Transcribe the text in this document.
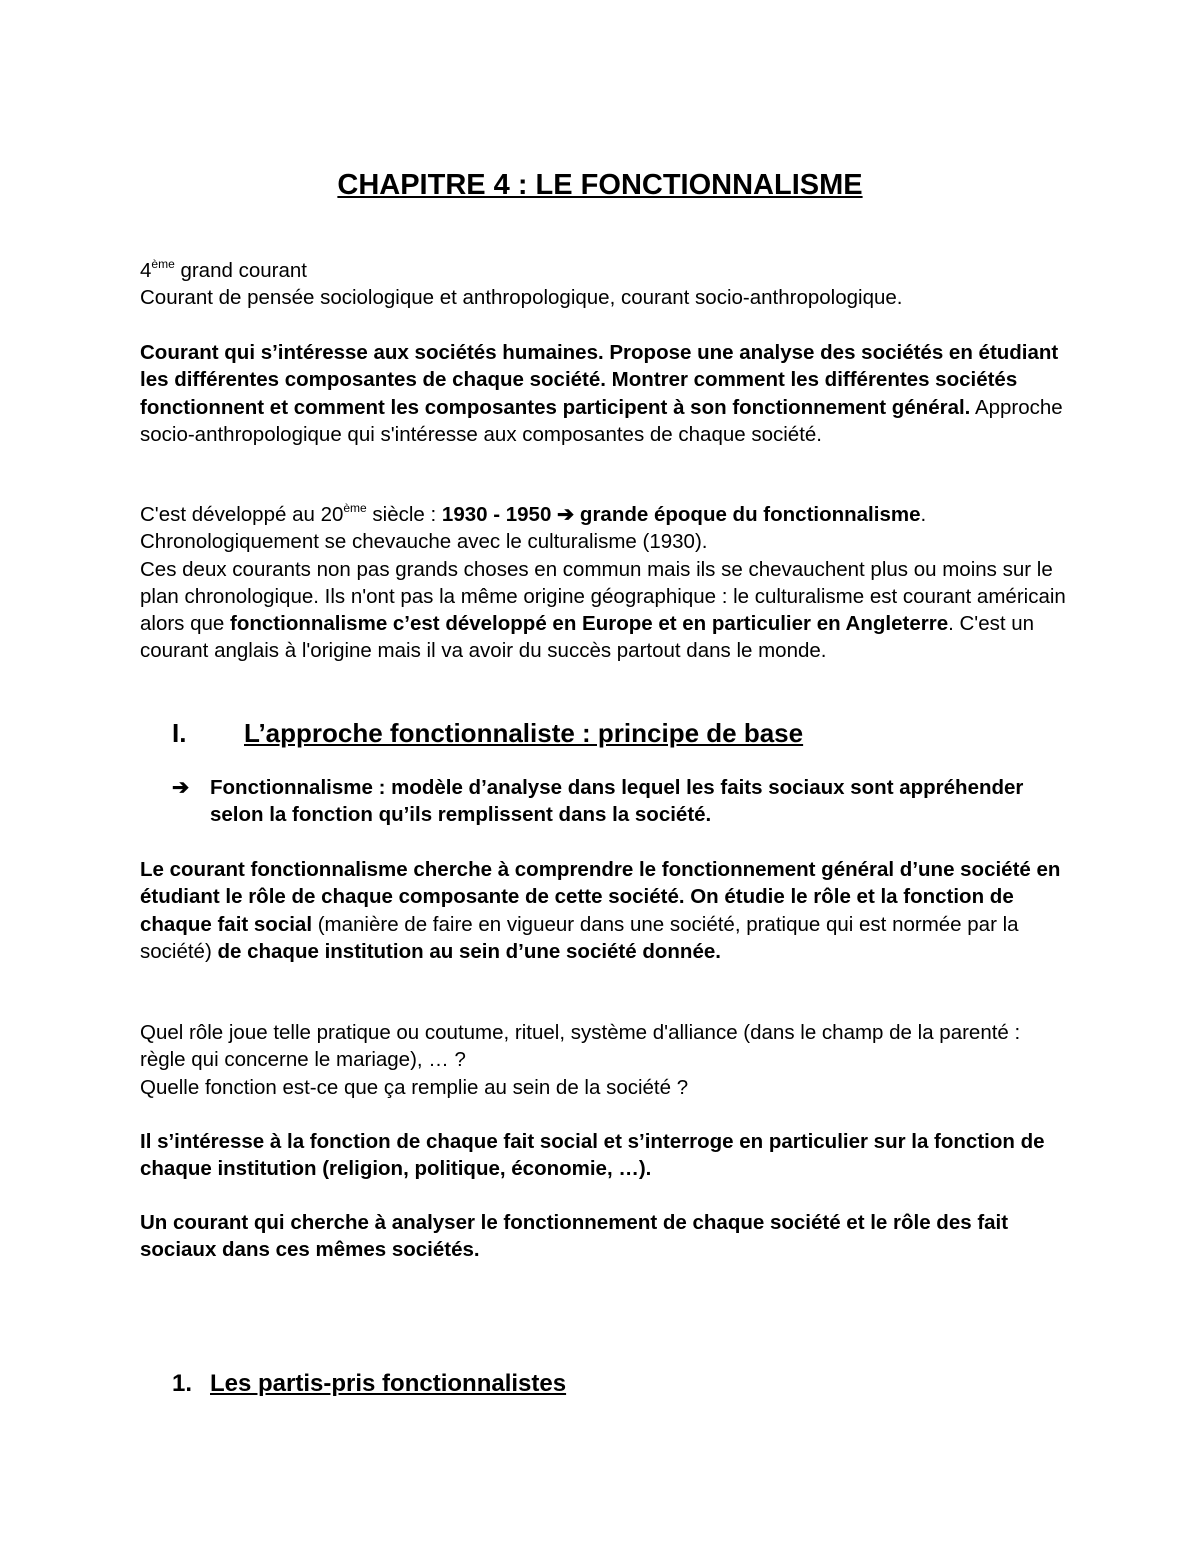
CHAPITRE 4 : LE FONCTIONNALISME

4ème grand courant
Courant de pensée sociologique et anthropologique, courant socio-anthropologique.

Courant qui s’intéresse aux sociétés humaines. Propose une analyse des sociétés en étudiant les différentes composantes de chaque société. Montrer comment les différentes sociétés fonctionnent et comment les composantes participent à son fonctionnement général. Approche socio-anthropologique qui s'intéresse aux composantes de chaque société.

C'est développé au 20ème siècle : 1930 - 1950 ➔ grande époque du fonctionnalisme.
Chronologiquement se chevauche avec le culturalisme (1930).
Ces deux courants non pas grands choses en commun mais ils se chevauchent plus ou moins sur le plan chronologique. Ils n'ont pas la même origine géographique : le culturalisme est courant américain alors que fonctionnalisme c’est développé en Europe et en particulier en Angleterre. C'est un courant anglais à l'origine mais il va avoir du succès partout dans le monde.

I. L’approche fonctionnaliste : principe de base
➔	Fonctionnalisme : modèle d’analyse dans lequel les faits sociaux sont appréhender selon la fonction qu’ils remplissent dans la société.

Le courant fonctionnalisme cherche à comprendre le fonctionnement général d’une société en étudiant le rôle de chaque composante de cette société. On étudie le rôle et la fonction de chaque fait social (manière de faire en vigueur dans une société, pratique qui est normée par la société) de chaque institution au sein d’une société donnée.

Quel rôle joue telle pratique ou coutume, rituel, système d'alliance (dans le champ de la parenté : règle qui concerne le mariage), … ?
Quelle fonction est-ce que ça remplie au sein de la société ?

Il s’intéresse à la fonction de chaque fait social et s’interroge en particulier sur la fonction de chaque institution (religion, politique, économie, …).

Un courant qui cherche à analyser le fonctionnement de chaque société et le rôle des fait sociaux dans ces mêmes sociétés.

1. Les partis-pris fonctionnalistes
